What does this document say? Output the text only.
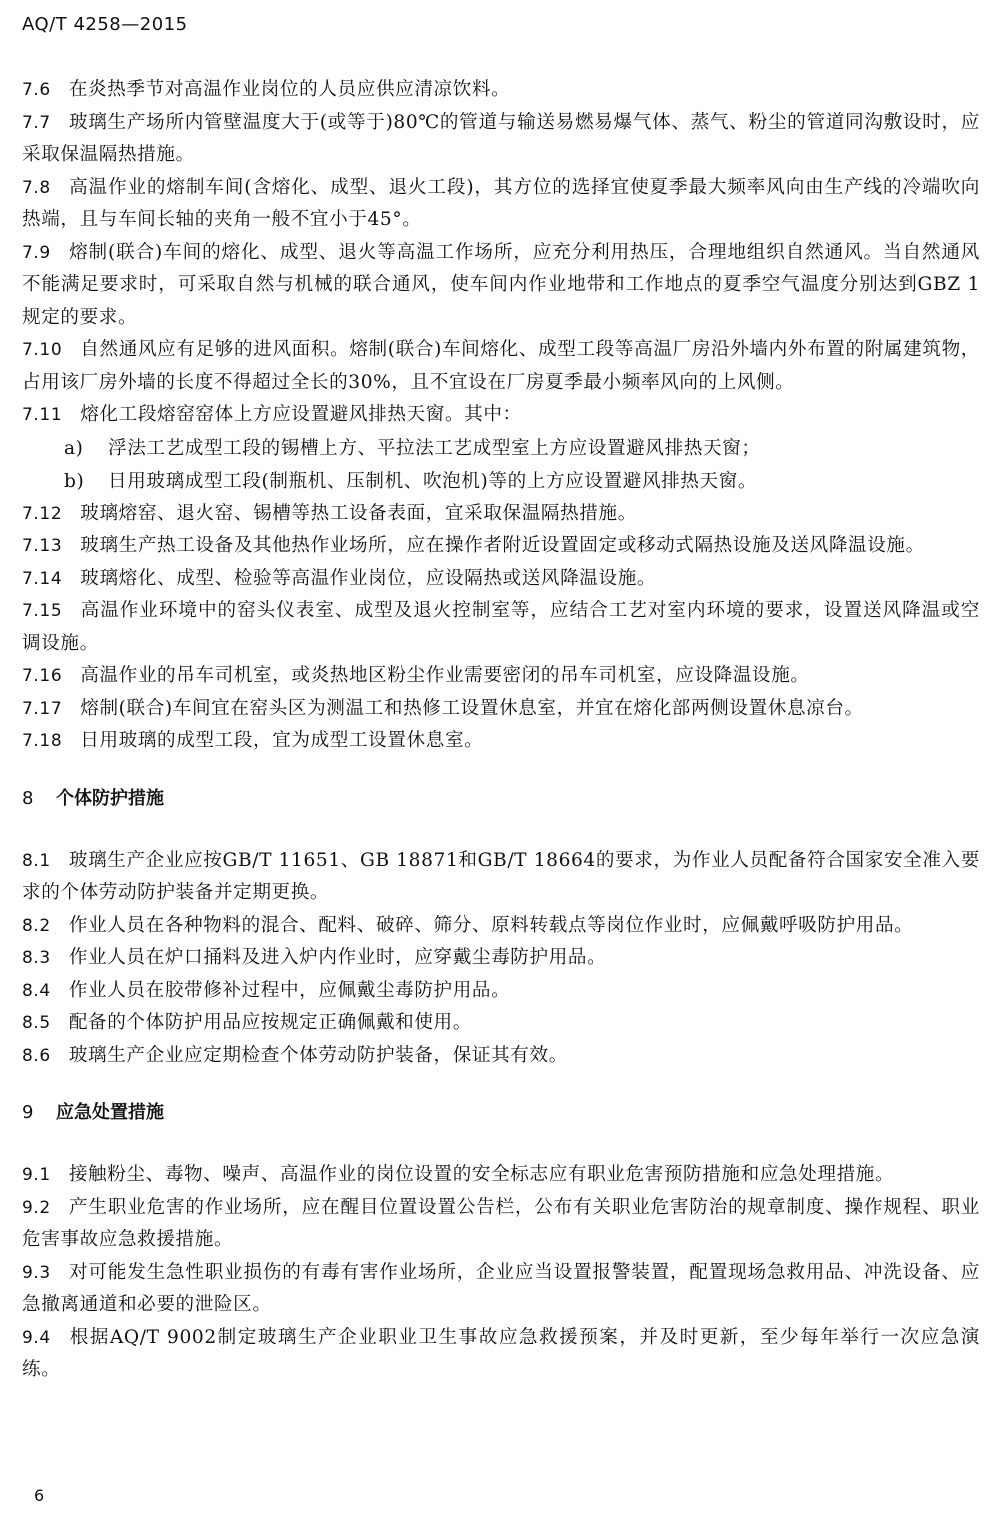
AQ/T 4258—2015

7.6 在炎热季节对高温作业岗位的人员应供应清凉饮料。

7.7 玻璃生产场所内管壁温度大于(或等于)80℃的管道与输送易燃易爆气体、蒸气、粉尘的管道同沟敷设时，应采取保温隔热措施。

7.8 高温作业的熔制车间(含熔化、成型、退火工段)，其方位的选择宜使夏季最大频率风向由生产线的冷端吹向热端，且与车间长轴的夹角一般不宜小于45°。

7.9 熔制(联合)车间的熔化、成型、退火等高温工作场所，应充分利用热压，合理地组织自然通风。当自然通风不能满足要求时，可采取自然与机械的联合通风，使车间内作业地带和工作地点的夏季空气温度分别达到GBZ 1规定的要求。

7.10 自然通风应有足够的进风面积。熔制(联合)车间熔化、成型工段等高温厂房沿外墙内外布置的附属建筑物，占用该厂房外墙的长度不得超过全长的30%，且不宜设在厂房夏季最小频率风向的上风侧。

7.11 熔化工段熔窑窑体上方应设置避风排热天窗。其中：

a) 浮法工艺成型工段的锡槽上方、平拉法工艺成型室上方应设置避风排热天窗；

b) 日用玻璃成型工段(制瓶机、压制机、吹泡机)等的上方应设置避风排热天窗。

7.12 玻璃熔窑、退火窑、锡槽等热工设备表面，宜采取保温隔热措施。

7.13 玻璃生产热工设备及其他热作业场所，应在操作者附近设置固定或移动式隔热设施及送风降温设施。

7.14 玻璃熔化、成型、检验等高温作业岗位，应设隔热或送风降温设施。

7.15 高温作业环境中的窑头仪表室、成型及退火控制室等，应结合工艺对室内环境的要求，设置送风降温或空调设施。

7.16 高温作业的吊车司机室，或炎热地区粉尘作业需要密闭的吊车司机室，应设降温设施。

7.17 熔制(联合)车间宜在窑头区为测温工和热修工设置休息室，并宜在熔化部两侧设置休息凉台。

7.18 日用玻璃的成型工段，宜为成型工设置休息室。

8 个体防护措施

8.1 玻璃生产企业应按GB/T 11651、GB 18871和GB/T 18664的要求，为作业人员配备符合国家安全准入要求的个体劳动防护装备并定期更换。

8.2 作业人员在各种物料的混合、配料、破碎、筛分、原料转载点等岗位作业时，应佩戴呼吸防护用品。

8.3 作业人员在炉口捅料及进入炉内作业时，应穿戴尘毒防护用品。

8.4 作业人员在胶带修补过程中，应佩戴尘毒防护用品。

8.5 配备的个体防护用品应按规定正确佩戴和使用。

8.6 玻璃生产企业应定期检查个体劳动防护装备，保证其有效。

9 应急处置措施

9.1 接触粉尘、毒物、噪声、高温作业的岗位设置的安全标志应有职业危害预防措施和应急处理措施。

9.2 产生职业危害的作业场所，应在醒目位置设置公告栏，公布有关职业危害防治的规章制度、操作规程、职业危害事故应急救援措施。

9.3 对可能发生急性职业损伤的有毒有害作业场所，企业应当设置报警装置，配置现场急救用品、冲洗设备、应急撤离通道和必要的泄险区。

9.4 根据AQ/T 9002制定玻璃生产企业职业卫生事故应急救援预案，并及时更新，至少每年举行一次应急演练。

6
